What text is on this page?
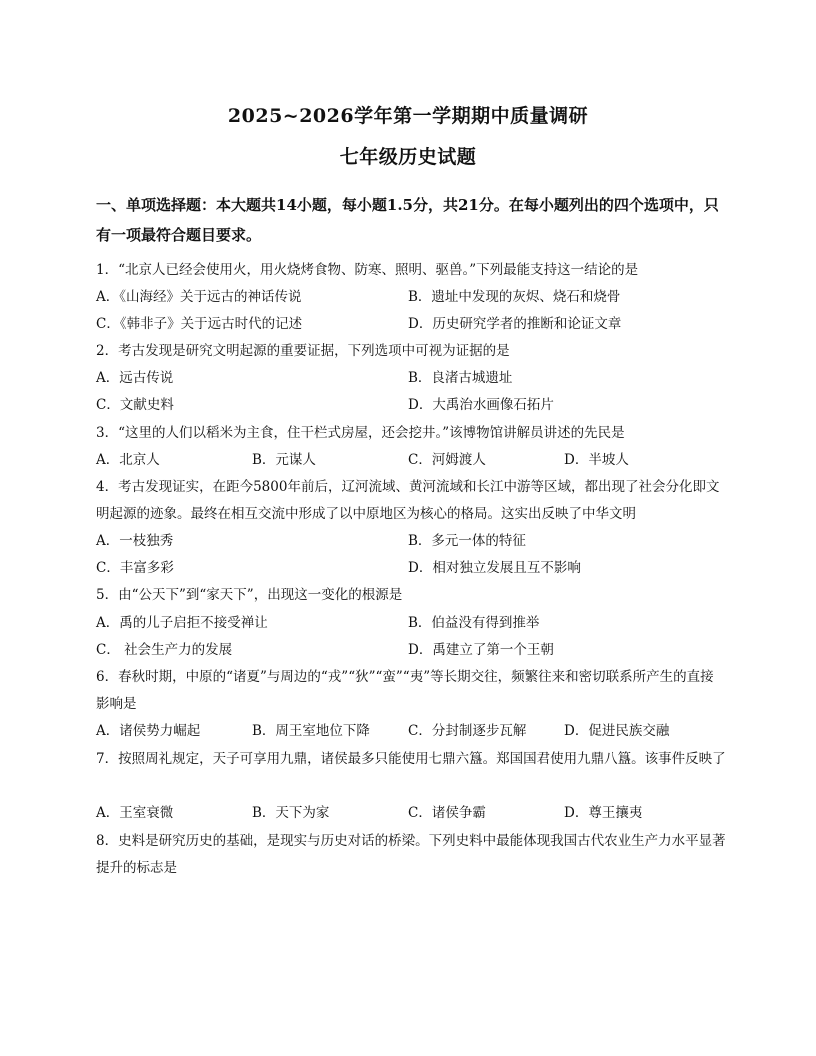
2025~2026学年第一学期期中质量调研
七年级历史试题
一、单项选择题：本大题共14小题，每小题1.5分，共21分。在每小题列出的四个选项中，只有一项最符合题目要求。
1．“北京人已经会使用火，用火烧烤食物、防寒、照明、驱兽。”下列最能支持这一结论的是
A．《山海经》关于远古的神话传说	B．遗址中发现的灰烬、烧石和烧骨
C．《韩非子》关于远古时代的记述	D．历史研究学者的推断和论证文章
2．考古发现是研究文明起源的重要证据，下列选项中可视为证据的是
A．远古传说	B．良渚古城遗址
C．文献史料	D．大禹治水画像石拓片
3．“这里的人们以稻米为主食，住干栏式房屋，还会挖井。”该博物馆讲解员讲述的先民是
A．北京人	B．元谋人	C．河姆渡人	D．半坡人
4．考古发现证实，在距今5800年前后，辽河流域、黄河流域和长江中游等区域，都出现了社会分化即文明起源的迹象。最终在相互交流中形成了以中原地区为核心的格局。这实出反映了中华文明
A．一枝独秀	B．多元一体的特征
C．丰富多彩	D．相对独立发展且互不影响
5．由“公天下”到“家天下”，出现这一变化的根源是
A．禹的儿子启拒不接受禅让	B．伯益没有得到推举
C． 社会生产力的发展	D．禹建立了第一个王朝
6．春秋时期，中原的“诸夏”与周边的“戎”“狄”“蛮”“夷”等长期交往，频繁往来和密切联系所产生的直接影响是
A．诸侯势力崛起	B．周王室地位下降	C．分封制逐步瓦解	D．促进民族交融
7．按照周礼规定，天子可享用九鼎，诸侯最多只能使用七鼎六簋。郑国国君使用九鼎八簋。该事件反映了
A．王室衰微	B．天下为家	C．诸侯争霸	D．尊王攘夷
8．史料是研究历史的基础，是现实与历史对话的桥梁。下列史料中最能体现我国古代农业生产力水平显著提升的标志是
